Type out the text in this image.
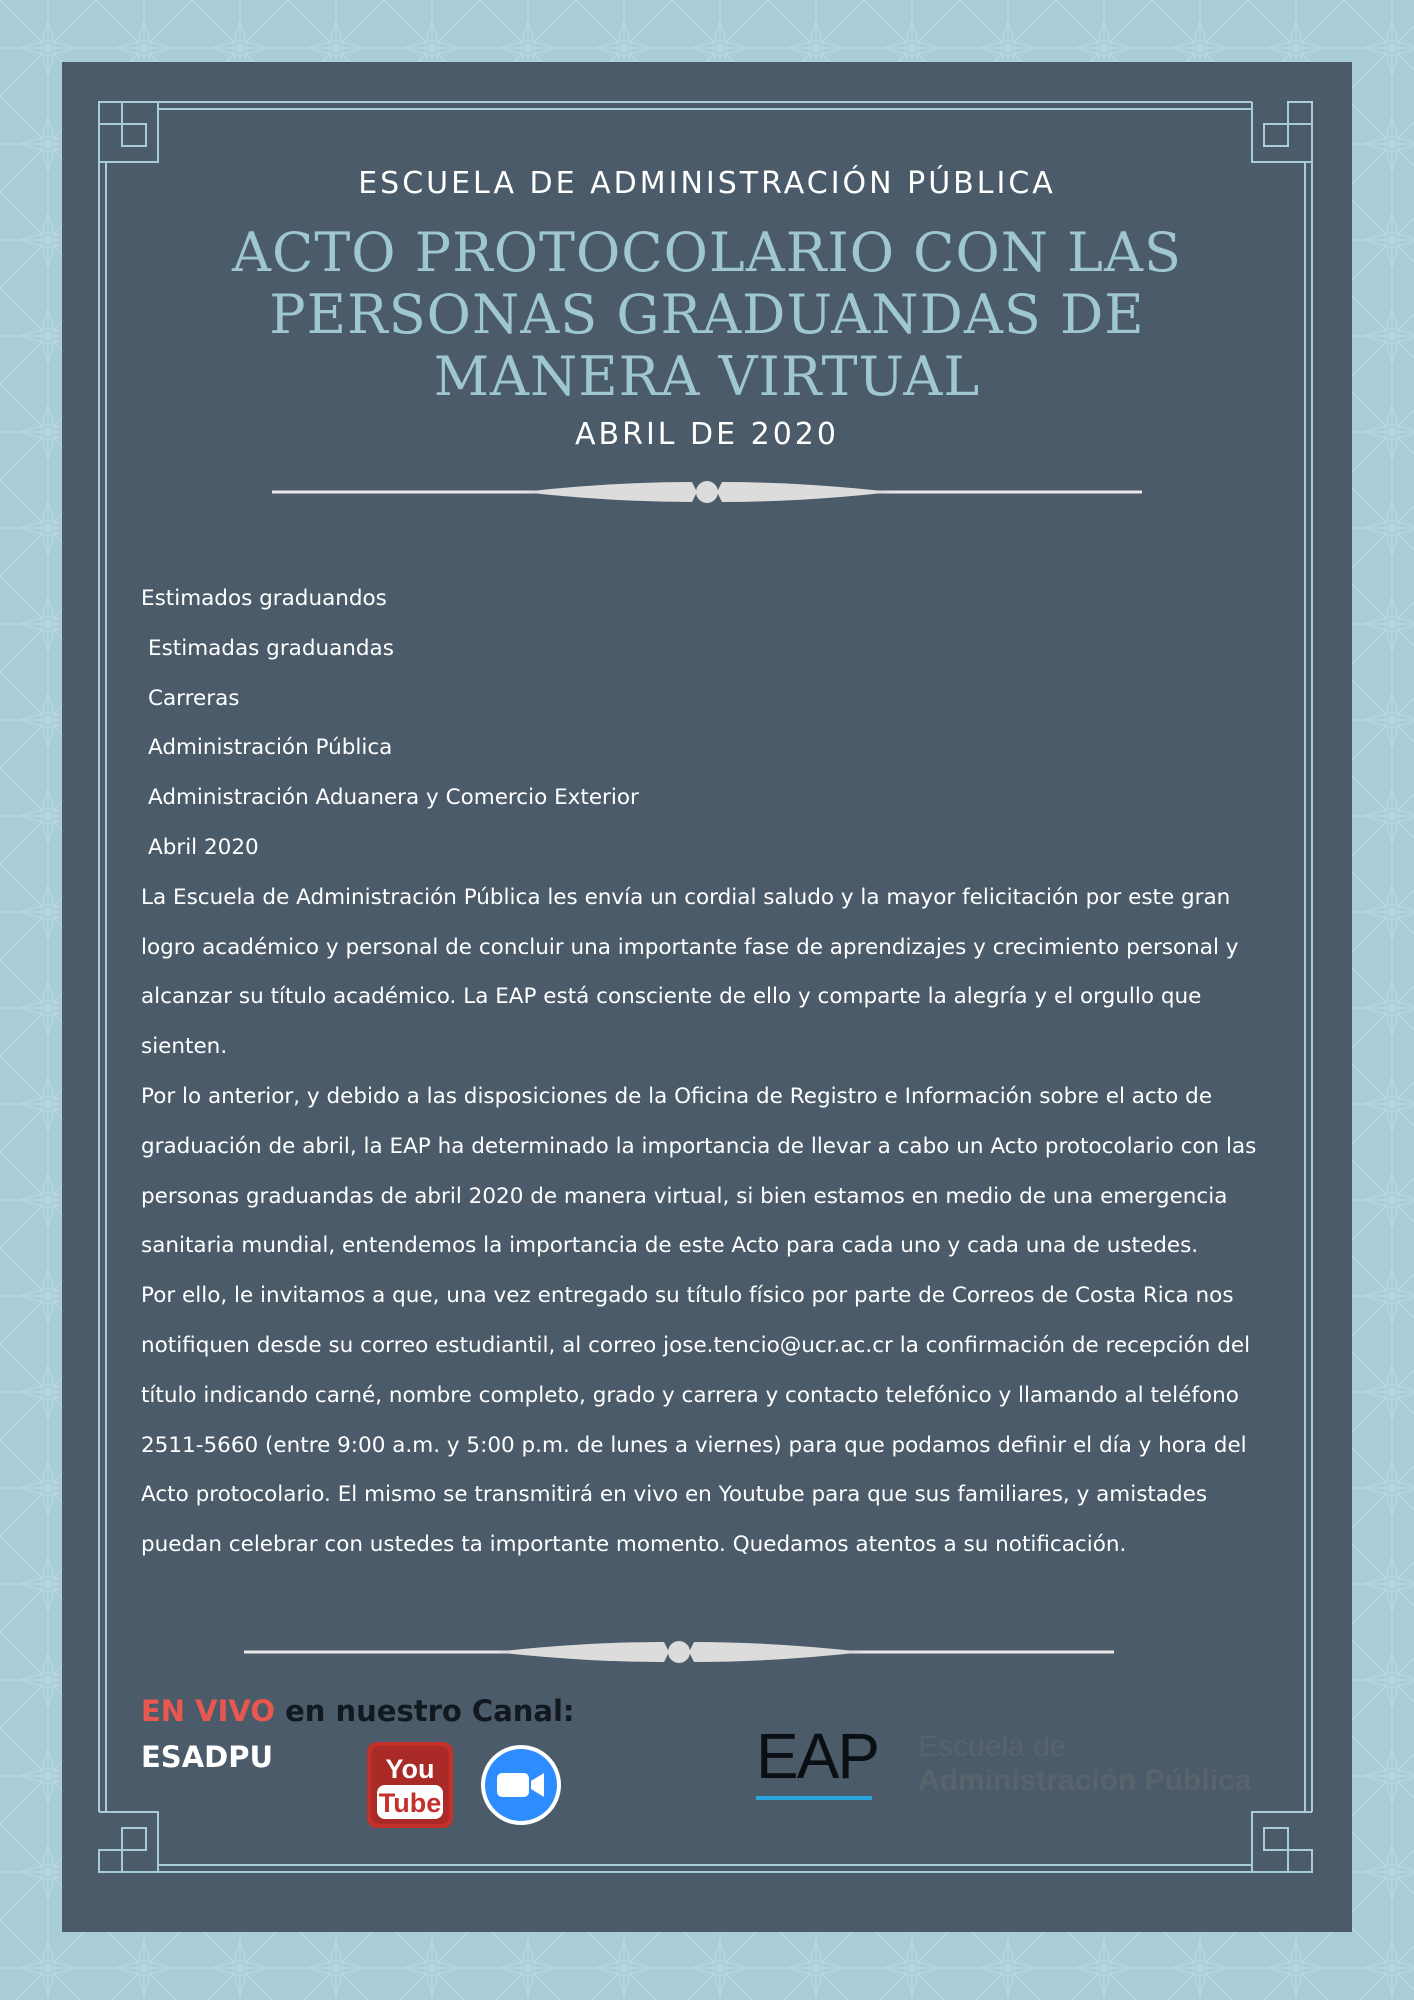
ESCUELA DE ADMINISTRACIÓN PÚBLICA
ACTO PROTOCOLARIO CON LAS
PERSONAS GRADUANDAS DE
MANERA VIRTUAL
ABRIL DE 2020

Estimados graduandos

Estimadas graduandas

Carreras

Administración Pública

Administración Aduanera y Comercio Exterior

Abril 2020

La Escuela de Administración Pública les envía un cordial saludo y la mayor felicitación por este gran logro académico y personal de concluir una importante fase de aprendizajes y crecimiento personal y alcanzar su título académico. La EAP está consciente de ello y comparte la alegría y el orgullo que sienten.

Por lo anterior, y debido a las disposiciones de la Oficina de Registro e Información sobre el acto de graduación de abril, la EAP ha determinado la importancia de llevar a cabo un Acto protocolario con las personas graduandas de abril 2020 de manera virtual, si bien estamos en medio de una emergencia sanitaria mundial, entendemos la importancia de este Acto para cada uno y cada una de ustedes.

Por ello, le invitamos a que, una vez entregado su título físico por parte de Correos de Costa Rica nos notifiquen desde su correo estudiantil, al correo jose.tencio@ucr.ac.cr la confirmación de recepción del título indicando carné, nombre completo, grado y carrera y contacto telefónico y llamando al teléfono 2511-5660 (entre 9:00 a.m. y 5:00 p.m. de lunes a viernes) para que podamos definir el día y hora del Acto protocolario. El mismo se transmitirá en vivo en Youtube para que sus familiares, y amistades puedan celebrar con ustedes ta importante momento. Quedamos atentos a su notificación.

EN VIVO en nuestro Canal:
ESADPU	You
Tube
EAP Escuela de
Administración Pública
